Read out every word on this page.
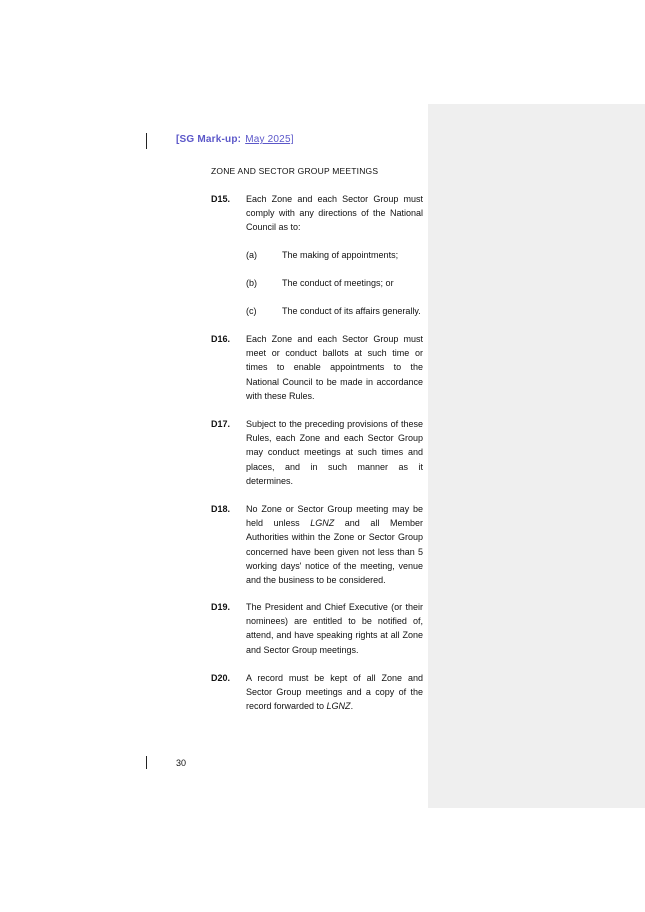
[SG Mark-up: May 2025]
ZONE AND SECTOR GROUP MEETINGS
D15. Each Zone and each Sector Group must comply with any directions of the National Council as to:
(a)	The making of appointments;
(b)	The conduct of meetings; or
(c)	The conduct of its affairs generally.
D16. Each Zone and each Sector Group must meet or conduct ballots at such time or times to enable appointments to the National Council to be made in accordance with these Rules.
D17. Subject to the preceding provisions of these Rules, each Zone and each Sector Group may conduct meetings at such times and places, and in such manner as it determines.
D18. No Zone or Sector Group meeting may be held unless LGNZ and all Member Authorities within the Zone or Sector Group concerned have been given not less than 5 working days' notice of the meeting, venue and the business to be considered.
D19. The President and Chief Executive (or their nominees) are entitled to be notified of, attend, and have speaking rights at all Zone and Sector Group meetings.
D20. A record must be kept of all Zone and Sector Group meetings and a copy of the record forwarded to LGNZ.
30
